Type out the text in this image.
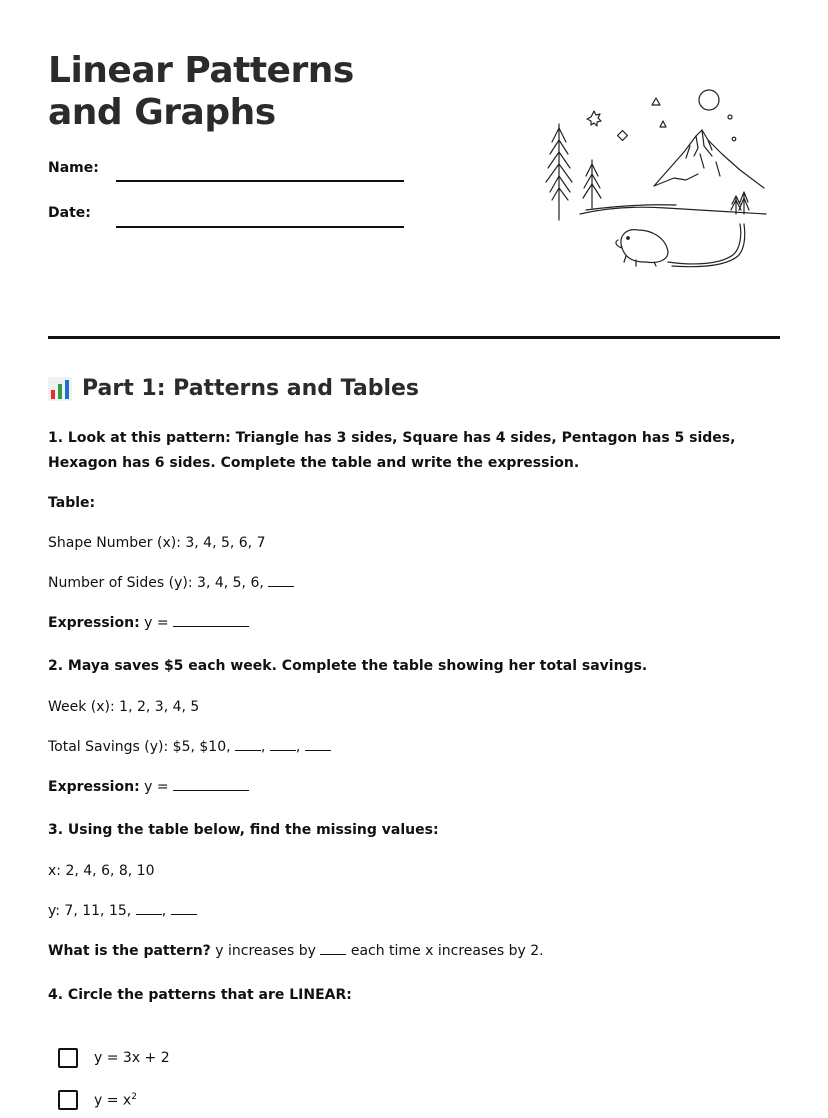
Linear Patterns and Graphs
Name:
Date:
Part 1: Patterns and Tables
1. Look at this pattern: Triangle has 3 sides, Square has 4 sides, Pentagon has 5 sides, Hexagon has 6 sides. Complete the table and write the expression.
Table:
Shape Number (x): 3, 4, 5, 6, 7
Number of Sides (y): 3, 4, 5, 6,
Expression: y =
2. Maya saves $5 each week. Complete the table showing her total savings.
Week (x): 1, 2, 3, 4, 5
Total Savings (y): $5, $10, , ,
Expression: y =
3. Using the table below, find the missing values:
x: 2, 4, 6, 8, 10
y: 7, 11, 15, ,
What is the pattern? y increases by each time x increases by 2.
4. Circle the patterns that are LINEAR:
y = 3x + 2
$y = x^2$
